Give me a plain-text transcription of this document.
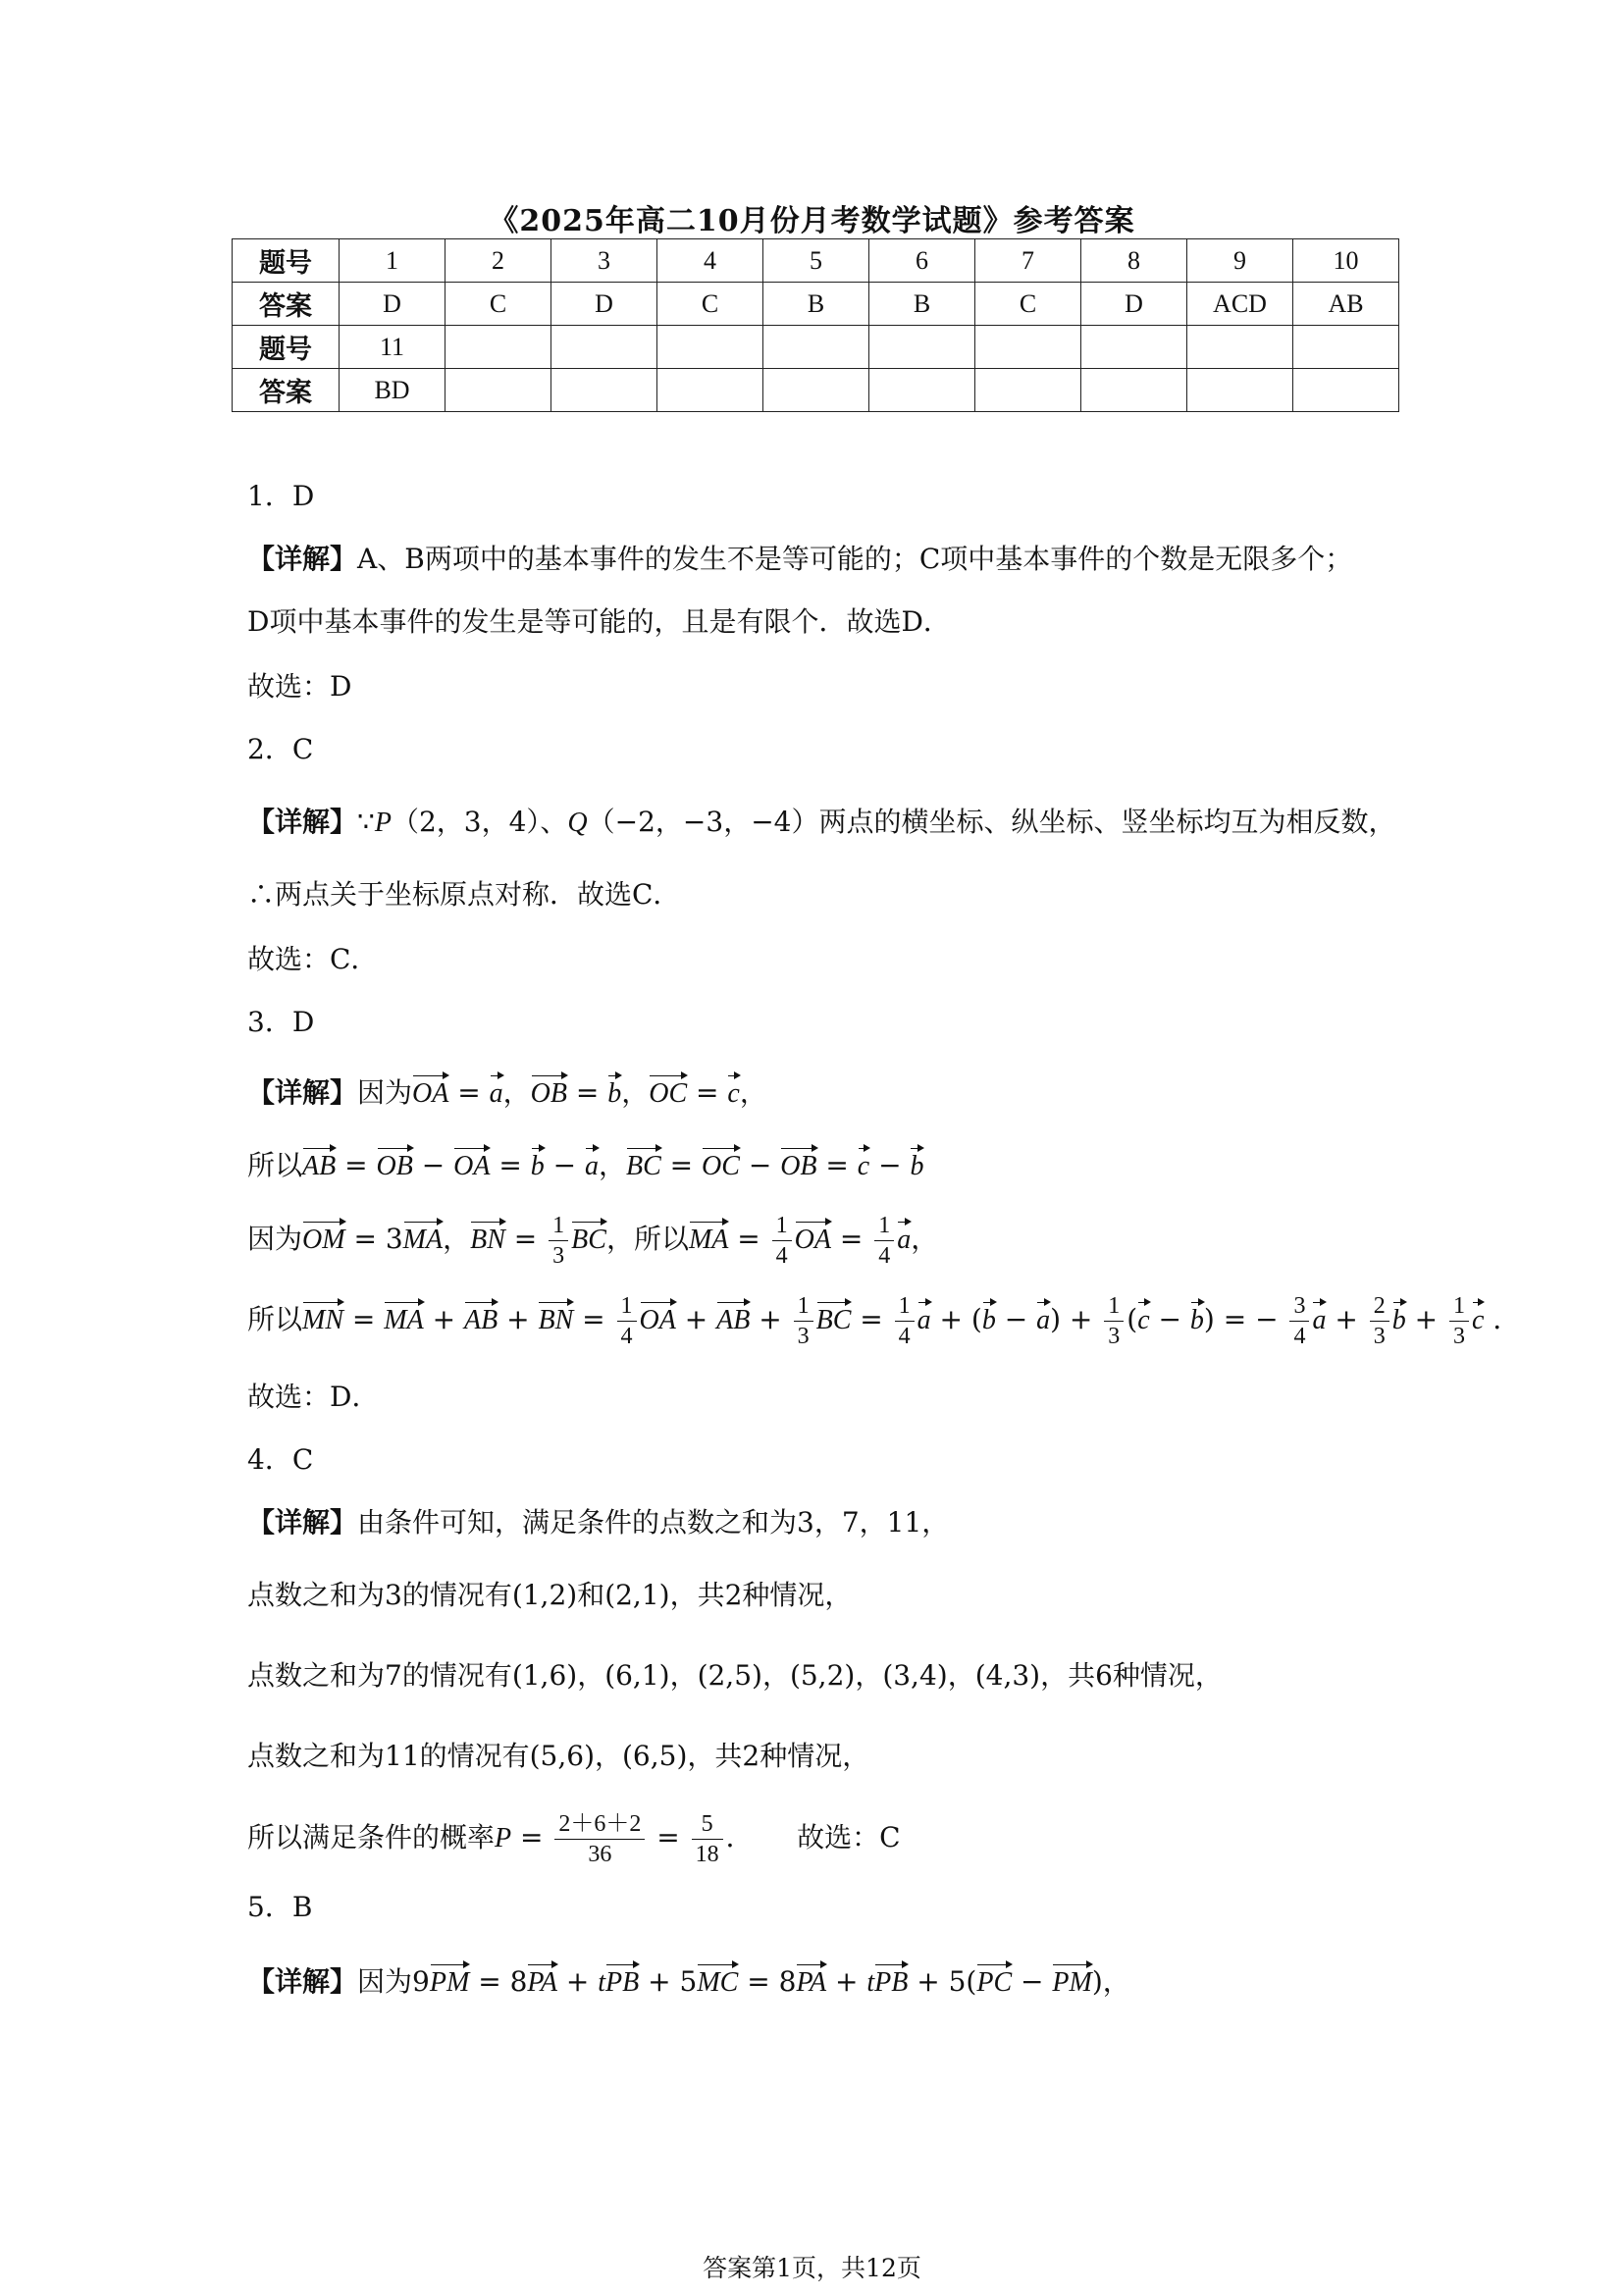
《2025年高二10月份月考数学试题》参考答案
题号	1	2	3	4	5	6	7	8	9	10
答案	D	C	D	C	B	B	C	D	ACD	AB
题号	11									
答案	BD									
1．D
【详解】A、B两项中的基本事件的发生不是等可能的；C项中基本事件的个数是无限多个；
D项中基本事件的发生是等可能的，且是有限个．故选D．
故选：D
2．C
【详解】∵P（2，3，4）、Q（−2，−3，−4）两点的横坐标、纵坐标、竖坐标均互为相反数，
∴两点关于坐标原点对称．故选C．
故选：C．
3．D
【详解】因为OA = a，OB = b，OC = c，
所以AB = OB − OA = b − a，BC = OC − OB = c − b
因为OM = 3MA，BN = $\frac{1}{3}$ BC，所以MA = $\frac{1}{4}$ OA = $\frac{1}{4}$ a，
所以MN = MA + AB + BN = $\frac{1}{4}$ OA + AB + $\frac{1}{3}$ BC = $\frac{1}{4}$ $a + (b - a) + \frac{1}{3} (c - b)$ = − $\frac{3}{4}$ $a + \frac{2}{3}$ $b + \frac{1}{3}$ c ．
故选：D．
4．C
【详解】由条件可知，满足条件的点数之和为3，7，11，
点数之和为3的情况有(1,2)和(2,1)，共2种情况，
点数之和为7的情况有(1,6)，(6,1)，(2,5)，(5,2)，(3,4)，(4,3)，共6种情况，
点数之和为11的情况有(5,6)，(6,5)，共2种情况，
所以满足条件的概率$P = \frac{2+6+2}{36} = \frac{5}{18}$ ．     故选：C
5．B
【详解】因为9PM = 8PA + tPB + 5MC = 8PA + tPB + 5(PC − PM)，
答案第1页，共12页
